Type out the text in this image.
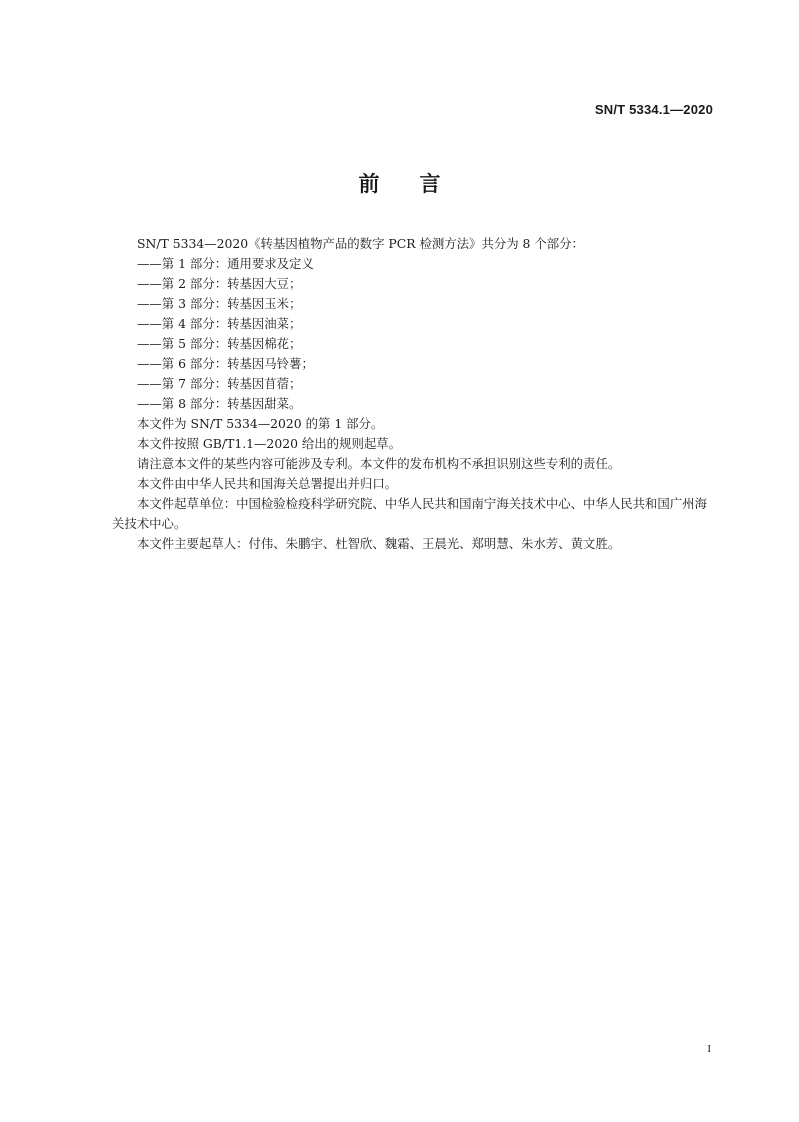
SN/T 5334.1—2020
前 言

SN/T 5334—2020《转基因植物产品的数字 PCR 检测方法》共分为 8 个部分：

——第 1 部分：通用要求及定义

——第 2 部分：转基因大豆；

——第 3 部分：转基因玉米；

——第 4 部分：转基因油菜；

——第 5 部分：转基因棉花；

——第 6 部分：转基因马铃薯；

——第 7 部分：转基因苜蓿；

——第 8 部分：转基因甜菜。

本文件为 SN/T 5334—2020 的第 1 部分。

本文件按照 GB/T1.1—2020 给出的规则起草。

请注意本文件的某些内容可能涉及专利。本文件的发布机构不承担识别这些专利的责任。

本文件由中华人民共和国海关总署提出并归口。

本文件起草单位：中国检验检疫科学研究院、中华人民共和国南宁海关技术中心、中华人民共和国广州海关技术中心。

本文件主要起草人：付伟、朱鹏宇、杜智欣、魏霜、王晨光、郑明慧、朱水芳、黄文胜。

I
